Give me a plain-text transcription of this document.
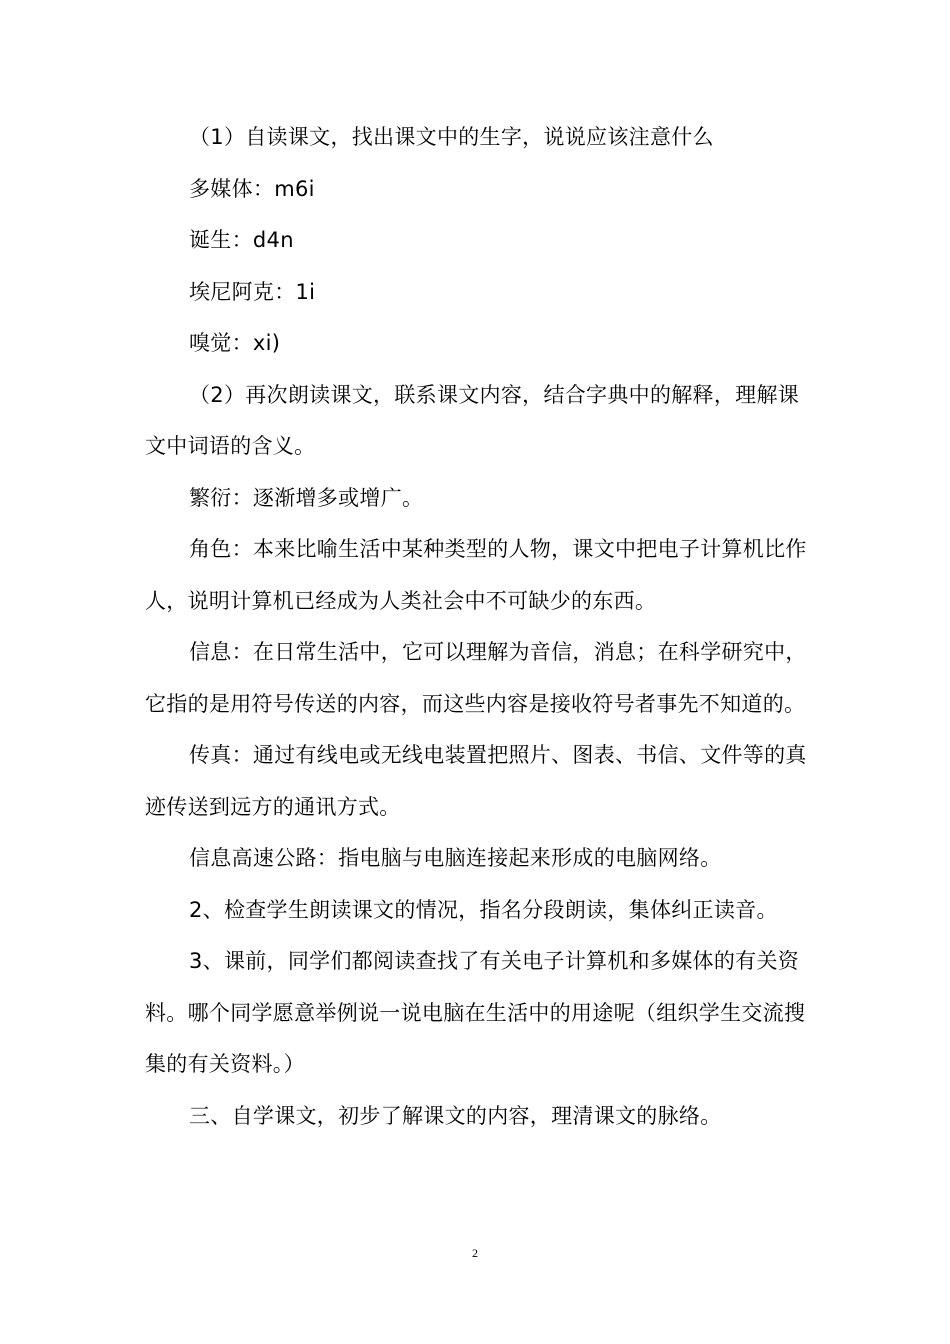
（1）自读课文，找出课文中的生字，说说应该注意什么

多媒体：m6i

诞生：d4n

埃尼阿克：1i

嗅觉：xi)

（2）再次朗读课文，联系课文内容，结合字典中的解释，理解课文中词语的含义。

繁衍：逐渐增多或增广。

角色：本来比喻生活中某种类型的人物，课文中把电子计算机比作人，说明计算机已经成为人类社会中不可缺少的东西。

信息：在日常生活中，它可以理解为音信，消息；在科学研究中，它指的是用符号传送的内容，而这些内容是接收符号者事先不知道的。

传真：通过有线电或无线电装置把照片、图表、书信、文件等的真迹传送到远方的通讯方式。

信息高速公路：指电脑与电脑连接起来形成的电脑网络。

2、检查学生朗读课文的情况，指名分段朗读，集体纠正读音。

3、课前，同学们都阅读查找了有关电子计算机和多媒体的有关资料。哪个同学愿意举例说一说电脑在生活中的用途呢（组织学生交流搜集的有关资料。）

三、自学课文，初步了解课文的内容，理清课文的脉络。

2
